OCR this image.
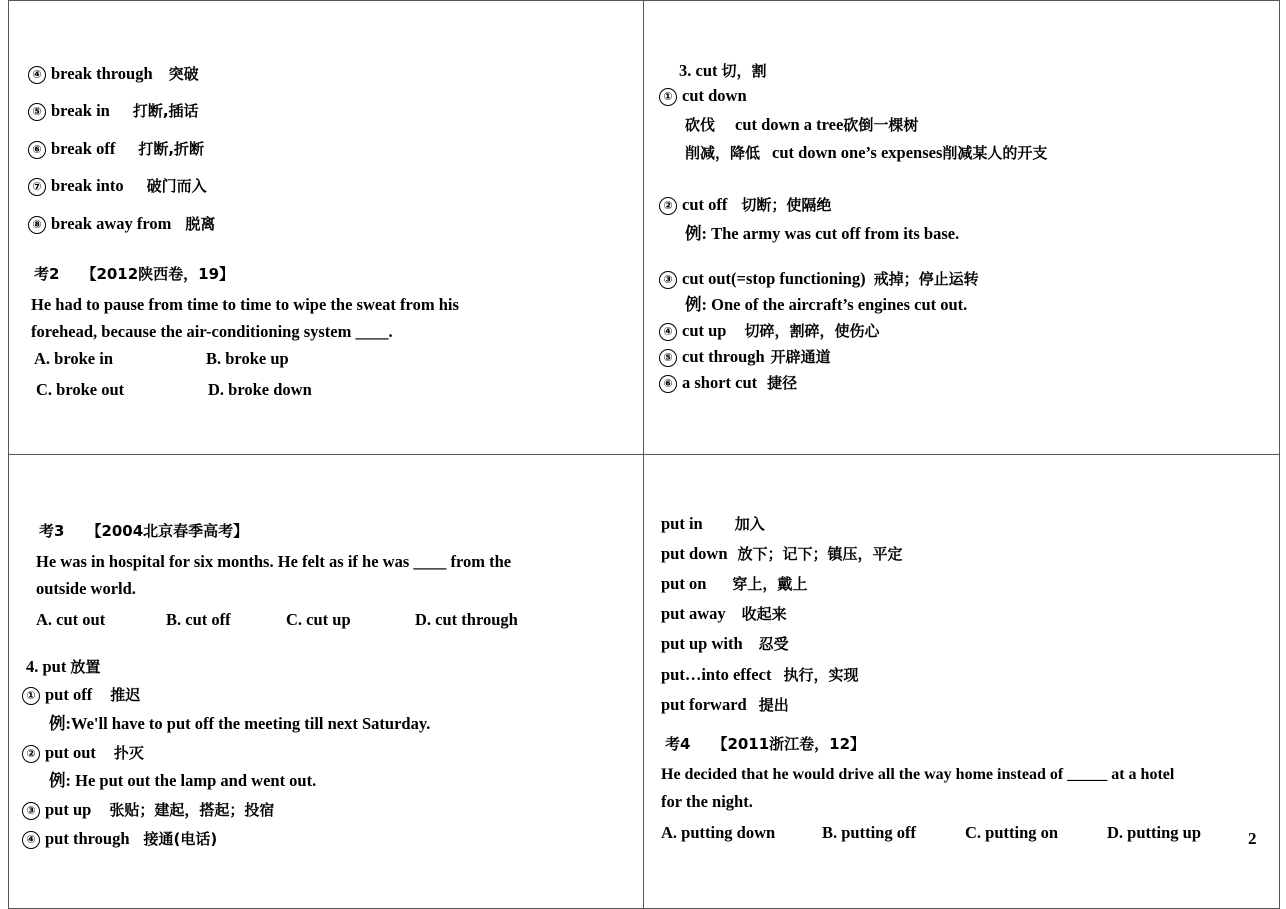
④ break through 突破
⑤ break in 打断,插话
⑥ break off 打断,折断
⑦ break into 破门而入
⑧ break away from 脱离
考2 【2012陕西卷，19】
He had to pause from time to time to wipe the sweat from his
forehead, because the air-conditioning system ____.
A. broke in	B. broke up
C. broke out	D. broke down
3. cut 切，割
① cut down
砍伐 cut down a tree砍倒一棵树
削减，降低 cut down one’s expenses削减某人的开支
② cut off 切断；使隔绝
例: The army was cut off from its base.
③ cut out(=stop functioning) 戒掉；停止运转
例: One of the aircraft’s engines cut out.
④ cut up 切碎，割碎，使伤心
⑤ cut through 开辟通道
⑥ a short cut 捷径
考3 【2004北京春季高考】
He was in hospital for six months. He felt as if he was ____ from the
outside world.
A. cut out	B. cut off	C. cut up	D. cut through
4. put 放置
① put off 推迟
例:We'll have to put off the meeting till next Saturday.
② put out 扑灭
例: He put out the lamp and went out.
③ put up 张贴；建起，搭起；投宿
④ put through 接通(电话)
put in 加入
put down 放下；记下；镇压，平定
put on 穿上，戴上
put away 收起来
put up with 忍受
put…into effect 执行，实现
put forward 提出
考4 【2011浙江卷，12】
He decided that he would drive all the way home instead of _____ at a hotel
for the night.
A. putting down	B. putting off	C. putting on	D. putting up	2
